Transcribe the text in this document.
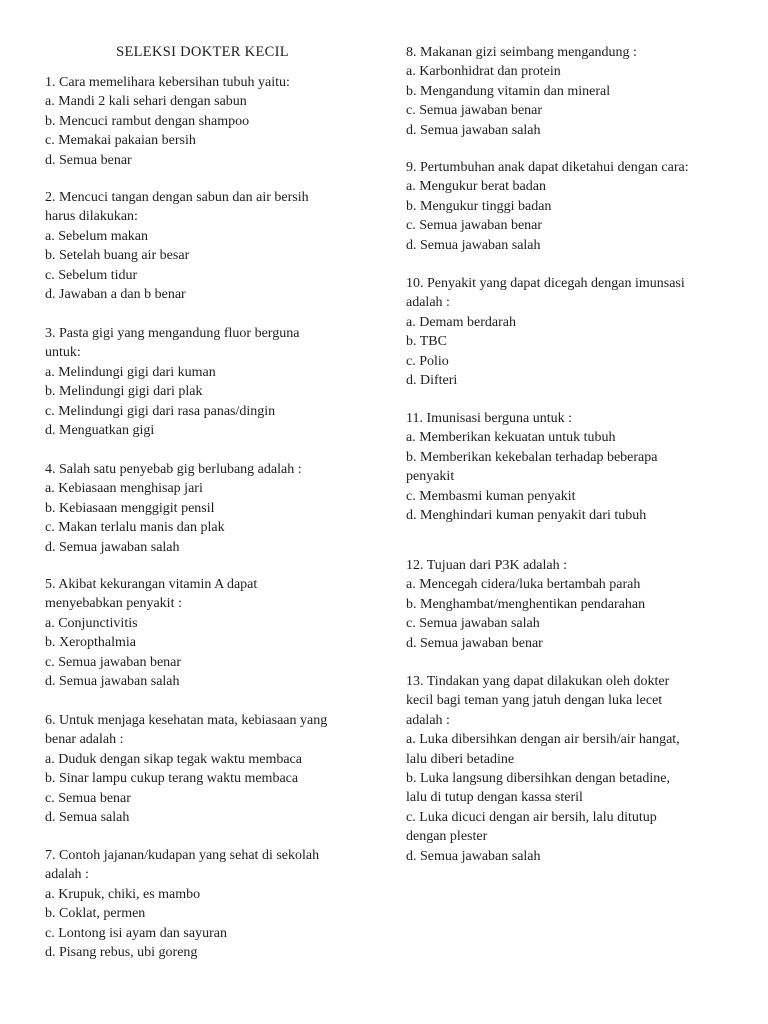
SELEKSI DOKTER KECIL
1. Cara memelihara kebersihan tubuh yaitu:
a. Mandi 2 kali sehari dengan sabun
b. Mencuci rambut dengan shampoo
c. Memakai pakaian bersih
d. Semua benar
2. Mencuci tangan dengan sabun dan air bersih
harus dilakukan:
a. Sebelum makan
b. Setelah buang air besar
c. Sebelum tidur
d. Jawaban a dan b benar
3. Pasta gigi yang mengandung fluor berguna
untuk:
a. Melindungi gigi dari kuman
b. Melindungi gigi dari plak
c. Melindungi gigi dari rasa panas/dingin
d. Menguatkan gigi
4. Salah satu penyebab gig berlubang adalah :
a. Kebiasaan menghisap jari
b. Kebiasaan menggigit pensil
c. Makan terlalu manis dan plak
d. Semua jawaban salah
5. Akibat kekurangan vitamin A dapat
menyebabkan penyakit :
a. Conjunctivitis
b. Xeropthalmia
c. Semua jawaban benar
d. Semua jawaban salah
6. Untuk menjaga kesehatan mata, kebiasaan yang
benar adalah :
a. Duduk dengan sikap tegak waktu membaca
b. Sinar lampu cukup terang waktu membaca
c. Semua benar
d. Semua salah
7. Contoh jajanan/kudapan yang sehat di sekolah
adalah :
a. Krupuk, chiki, es mambo
b. Coklat, permen
c. Lontong isi ayam dan sayuran
d. Pisang rebus, ubi goreng
8. Makanan gizi seimbang mengandung :
a. Karbonhidrat dan protein
b. Mengandung vitamin dan mineral
c. Semua jawaban benar
d. Semua jawaban salah
9. Pertumbuhan anak dapat diketahui dengan cara:
a. Mengukur berat badan
b. Mengukur tinggi badan
c. Semua jawaban benar
d. Semua jawaban salah
10. Penyakit yang dapat dicegah dengan imunsasi
adalah :
a. Demam berdarah
b. TBC
c. Polio
d. Difteri
11. Imunisasi berguna untuk :
a. Memberikan kekuatan untuk tubuh
b. Memberikan kekebalan terhadap beberapa
penyakit
c. Membasmi kuman penyakit
d. Menghindari kuman penyakit dari tubuh
12. Tujuan dari P3K adalah :
a. Mencegah cidera/luka bertambah parah
b. Menghambat/menghentikan pendarahan
c. Semua jawaban salah
d. Semua jawaban benar
13. Tindakan yang dapat dilakukan oleh dokter
kecil bagi teman yang jatuh dengan luka lecet
adalah :
a. Luka dibersihkan dengan air bersih/air hangat,
lalu diberi betadine
b. Luka langsung dibersihkan dengan betadine,
lalu di tutup dengan kassa steril
c. Luka dicuci dengan air bersih, lalu ditutup
dengan plester
d. Semua jawaban salah
